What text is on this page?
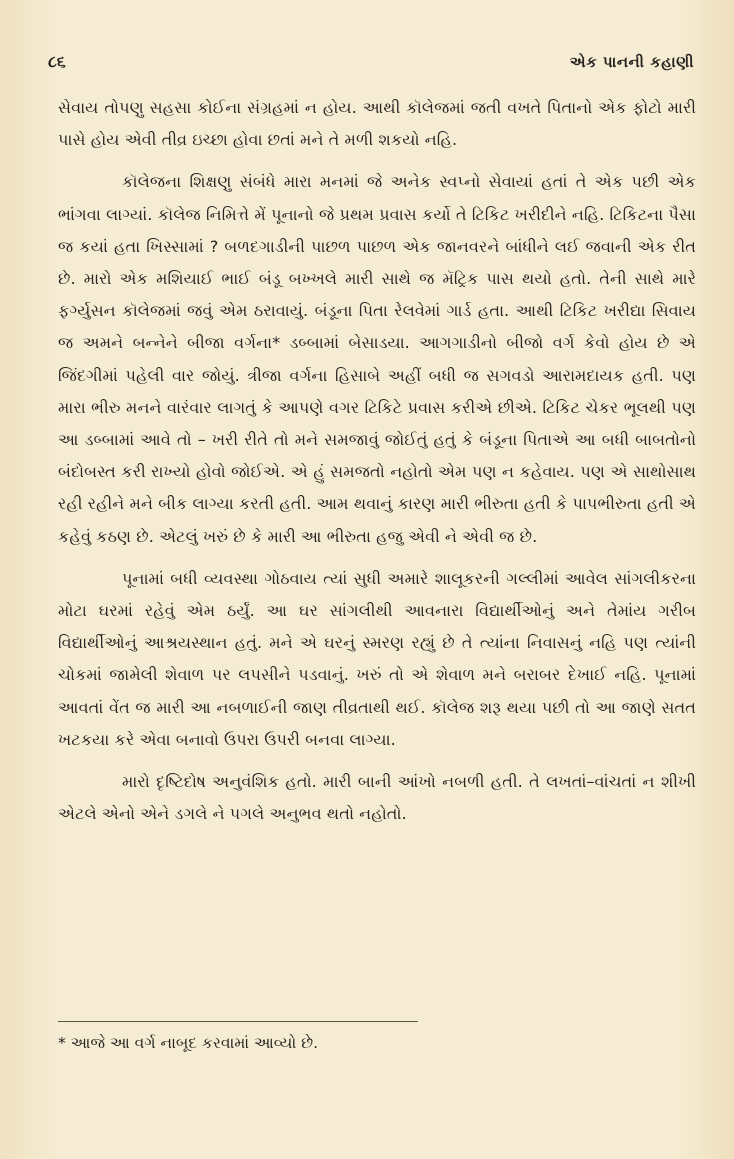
૮૬	એક પાનની કહાણી

સેવાય તોપણુ સહસા કોઈના સંગ્રહમાં ન હોય. આથી કૉલેજમાં જતી વખતે પિતાનો એક ફોટો મારી પાસે હોય એવી તીવ્ર ઇચ્છા હોવા છતાં મને તે મળી શકયો નહિ.

કૉલેજના શિક્ષણુ સંબંધે મારા મનમાં જે અનેક સ્વપ્નો સેવાયાં હતાં તે એક પછી એક ભાંગવા લાગ્યાં. કૉલેજ નિમિત્તે મેં પૂનાનો જે પ્રથમ પ્રવાસ કર્યો તે ટિકિટ ખરીદીને નહિ. ટિકિટના પૈસા જ કયાં હતા ખિસ્સામાં ? બળદગાડીની પાછળ પાછળ એક જાનવરને બાંધીને લઈ જવાની એક રીત છે. મારો એક મશિયાઈ ભાઈ બંડૂ બખ્ખલે મારી સાથે જ મૅટ્રિક પાસ થયો હતો. તેની સાથે મારે ફર્ગ્યુસન કૉલેજમાં જવું એમ ઠરાવાયું. બંડૂના પિતા રેલવેમાં ગાર્ડ હતા. આથી ટિકિટ ખરીદ્યા સિવાય જ અમને બન્નેને બીજા વર્ગના* ડબ્બામાં બેસાડયા. આગગાડીનો બીજો વર્ગ કેવો હોય છે એ જિંદગીમાં પહેલી વાર જોયું. ત્રીજા વર્ગના હિસાબે અહીં બધી જ સગવડો આરામદાયક હતી. પણ મારા ભીરુ મનને વારંવાર લાગતું કે આપણે વગર ટિકિટે પ્રવાસ કરીએ છીએ. ટિકિટ ચેકર ભૂલથી પણ આ ડબ્બામાં આવે તો – ખરી રીતે તો મને સમજાવું જોઈતું હતું કે બંડૂના પિતાએ આ બધી બાબતોનો બંદોબસ્ત કરી રાખ્યો હોવો જોઈએ. એ હું સમજતો નહોતો એમ પણ ન કહેવાય. પણ એ સાથોસાથ રહી રહીને મને બીક લાગ્યા કરતી હતી. આમ થવાનું કારણ મારી ભીરુતા હતી કે પાપભીરુતા હતી એ કહેવું કઠણ છે. એટલું ખરું છે કે મારી આ ભીરુતા હજુ એવી ને એવી જ છે.

પૂનામાં બધી વ્યવસ્થા ગોઠવાય ત્યાં સુધી અમારે શાલૂકરની ગલ્લીમાં આવેલ સાંગલીકરના મોટા ઘરમાં રહેવું એમ ઠર્યું. આ ઘર સાંગલીથી આવનારા વિદ્યાર્થીઓનું અને તેમાંય ગરીબ વિદ્યાર્થીઓનું આશ્રયસ્થાન હતું. મને એ ઘરનું સ્મરણ રહ્યું છે તે ત્યાંના નિવાસનું નહિ પણ ત્યાંની ચોકમાં જામેલી શેવાળ પર લપસીને પડવાનું. ખરું તો એ શેવાળ મને બરાબર દેખાઈ નહિ. પૂનામાં આવતાં વેંત જ મારી આ નબળાઈની જાણ તીવ્રતાથી થઈ. કૉલેજ શરૂ થયા પછી તો આ જાણે સતત ખટકયા કરે એવા બનાવો ઉપરા ઉપરી બનવા લાગ્યા.

મારો દૃષ્ટિદોષ અનુવંશિક હતો. મારી બાની આંખો નબળી હતી. તે લખતાં–વાંચતાં ન શીખી એટલે એનો એને ડગલે ને પગલે અનુભવ થતો નહોતો.

* આજે આ વર્ગ નાબૂદ કરવામાં આવ્યો છે.
